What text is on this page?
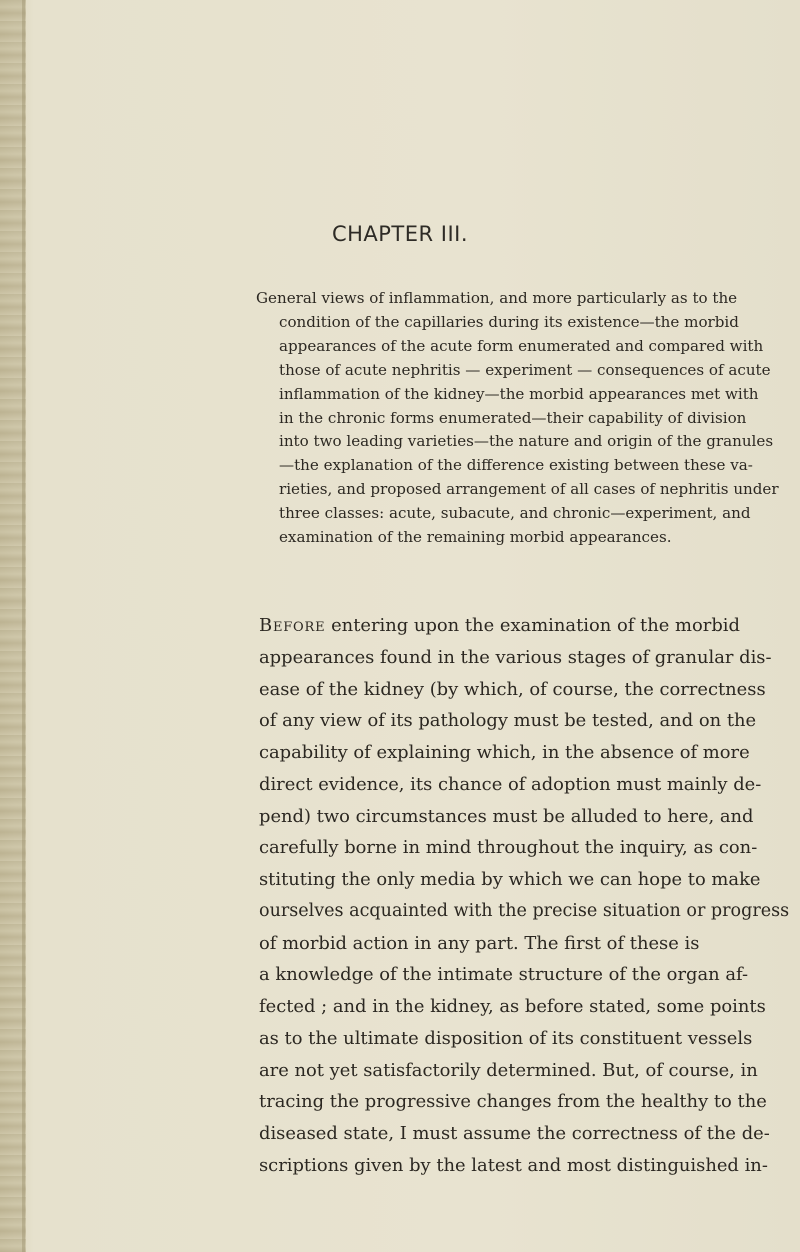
CHAPTER III.
General views of inflammation, and more particularly as to the
condition of the capillaries during its existence—the morbid
appearances of the acute form enumerated and compared with
those of acute nephritis — experiment — consequences of acute
inflammation of the kidney—the morbid appearances met with
in the chronic forms enumerated—their capability of division
into two leading varieties—the nature and origin of the granules
—the explanation of the difference existing between these va-
rieties, and proposed arrangement of all cases of nephritis under
three classes: acute, subacute, and chronic—experiment, and
examination of the remaining morbid appearances.
Before entering upon the examination of the morbid
appearances found in the various stages of granular dis-
ease of the kidney (by which, of course, the correctness
of any view of its pathology must be tested, and on the
capability of explaining which, in the absence of more
direct evidence, its chance of adoption must mainly de-
pend) two circumstances must be alluded to here, and
carefully borne in mind throughout the inquiry, as con-
stituting the only media by which we can hope to make
ourselves acquainted with the precise situation or progress
of morbid action in any part. The first of these is
a knowledge of the intimate structure of the organ af-
fected ; and in the kidney, as before stated, some points
as to the ultimate disposition of its constituent vessels
are not yet satisfactorily determined. But, of course, in
tracing the progressive changes from the healthy to the
diseased state, I must assume the correctness of the de-
scriptions given by the latest and most distinguished in-
